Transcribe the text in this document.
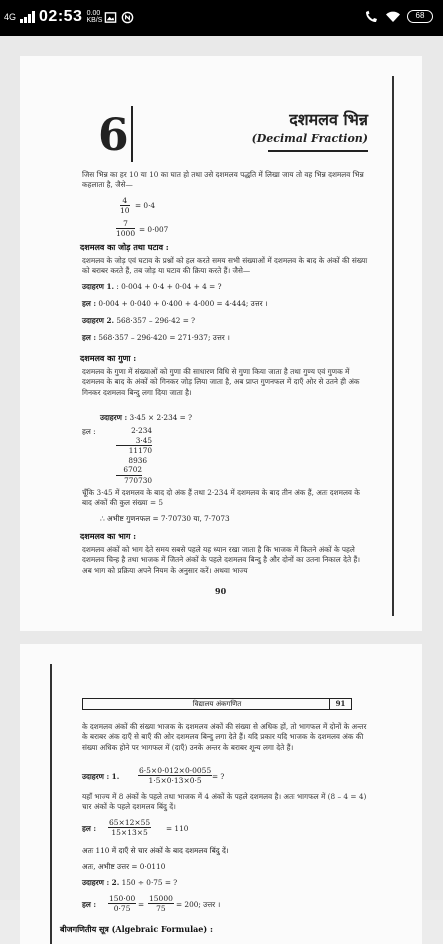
4G 02:53 0.00
KB/S
68
6	दशमलव भिन्न
(Decimal Fraction)
जिस भिन्न का हर 10 या 10 का घात हो तथा उसे दशमलव पद्धति में लिखा जाय तो वह भिन्न दशमलव भिन्न कहलाता है, जैसे—
$\frac{4}{10} = 0\cdot 4$
$\frac{7}{1000} = 0\cdot 007$
दशमलव का जोड़ तथा घटाव :
दशमलव के जोड़ एवं घटाव के प्रश्नों को हल करते समय सभी संख्याओं में दशमलव के बाद के अंकों की संख्या को बराबर करते हैं, तब जोड़ या घटाव की क्रिया करते हैं। जैसे—
उदाहरण 1. : 0·004 + 0·4 + 0·04 + 4 = ?
हल : 0·004 + 0·040 + 0·400 + 4·000 = 4·444; उत्तर ।
उदाहरण 2. 568·357 – 296·42 = ?
हल : 568·357 – 296·420 = 271·937; उत्तर ।
दशमलव का गुणा :
दशमलव के गुणा में संख्याओं को गुणा की साधारण विधि से गुणा किया जाता है तथा गुण्य एवं गुणक में दशमलव के बाद के अंकों को गिनकर जोड़ लिया जाता है, अब प्राप्त गुणनफल में दाएँ ओर से उतने ही अंक गिनकर दशमलव बिन्दु लगा दिया जाता है।
उदाहरण : 3·45 × 2·234 = ?
हल :	2·234
3·45
11170
8936
6702
770730
चूँकि 3·45 में दशमलव के बाद दो अंक हैं तथा 2·234 में दशमलव के बाद तीन अंक हैं, अतः दशमलव के बाद अंकों की कुल संख्या = 5
∴ अभीष्ट गुणनफल = 7·70730 या, 7·7073
दशमलव का भाग :
दशमलव अंकों को भाग देते समय सबसे पहले यह ध्यान रखा जाता है कि भाजक में कितने अंकों के पहले दशमलव चिन्ह है तथा भाजक में जितने अंकों के पहले दशमलव बिन्दु है और दोनों का उतना निकाल देते हैं। अब भाग को प्रक्रिया अपने नियम के अनुसार करें। अथवा भाज्य
90
विद्यालय अंकगणित	91
के दशमलव अंकों की संख्या भाजक के दशमलव अंकों की संख्या से अधिक हों, तो भागफल में दोनों के अन्तर के बराबर अंक दाएँ से बाएँ की ओर दशमलव बिन्दु लगा देते हैं। यदि प्रकार यदि भाजक के दशमलव अंक की संख्या अधिक होने पर भागफल में (दाएँ) उनके अन्तर के बराबर शून्य लगा देते हैं।
उदाहरण : 1. $\frac{6\cdot 5\times 0\cdot 012\times 0\cdot 0055}{1\cdot 5\times 0\cdot 13\times 0\cdot 5}$ = ?
यहाँ भाज्य में 8 अंकों के पहले तथा भाजक में 4 अंकों के पहले दशमलव है। अतः भागफल में (8 – 4 = 4) चार अंकों के पहले दशमलव बिंदु दें।
हल : $\frac{65\times 12\times 55}{15\times 13\times 5} = 110$
अतः 110 में दाएँ से चार अंकों के बाद दशमलव बिंदु दें।
अतः, अभीष्ट उत्तर = 0·0110
उदाहरण : 2. 150 ÷ 0·75 = ?
हल : $\frac{150\cdot 00}{0\cdot 75} = \frac{15000}{75} = 200$; उत्तर ।
बीजगणितीय सूत्र (Algebraic Formulae) :
